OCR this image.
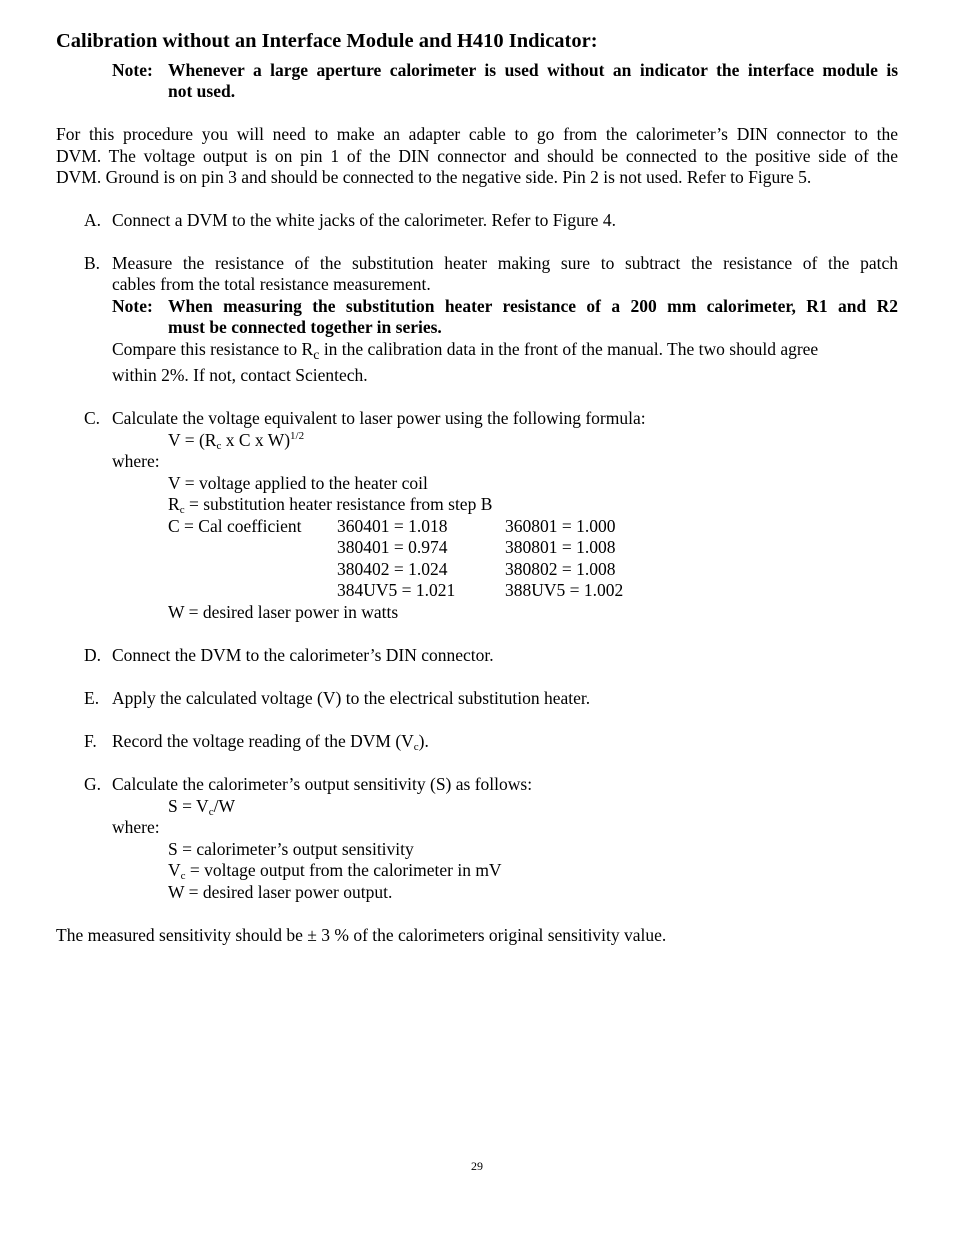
Calibration without an Interface Module and H410 Indicator:
Note: Whenever a large aperture calorimeter is used without an indicator the interface module is
not used.
For this procedure you will need to make an adapter cable to go from the calorimeter’s DIN connector to the
DVM. The voltage output is on pin 1 of the DIN connector and should be connected to the positive side of the
DVM. Ground is on pin 3 and should be connected to the negative side. Pin 2 is not used. Refer to Figure 5.
A. Connect a DVM to the white jacks of the calorimeter. Refer to Figure 4.
B. Measure the resistance of the substitution heater making sure to subtract the resistance of the patch
cables from the total resistance measurement.
Note: When measuring the substitution heater resistance of a 200 mm calorimeter, R1 and R2
must be connected together in series.
Compare this resistance to $R_c$ in the calibration data in the front of the manual. The two should agree
within 2%. If not, contact Scientech.
C. Calculate the voltage equivalent to laser power using the following formula:
$V = (R_c$ x C x W)$^{1/2}$
where:
V = voltage applied to the heater coil
$R_c$ = substitution heater resistance from step B
C = Cal coefficient 360401 = 1.018
380401 = 0.974
380402 = 1.024
384UV5 = 1.021
360801 = 1.000
380801 = 1.008
380802 = 1.008
388UV5 = 1.002
W = desired laser power in watts
D. Connect the DVM to the calorimeter’s DIN connector.
E. Apply the calculated voltage (V) to the electrical substitution heater.
F. Record the voltage reading of the DVM $(V_c)$.
G. Calculate the calorimeter’s output sensitivity (S) as follows:
$S = V_c/W$
where:
S = calorimeter’s output sensitivity
$V_c$ = voltage output from the calorimeter in mV
W = desired laser power output.
The measured sensitivity should be ± 3 % of the calorimeters original sensitivity value.
29
